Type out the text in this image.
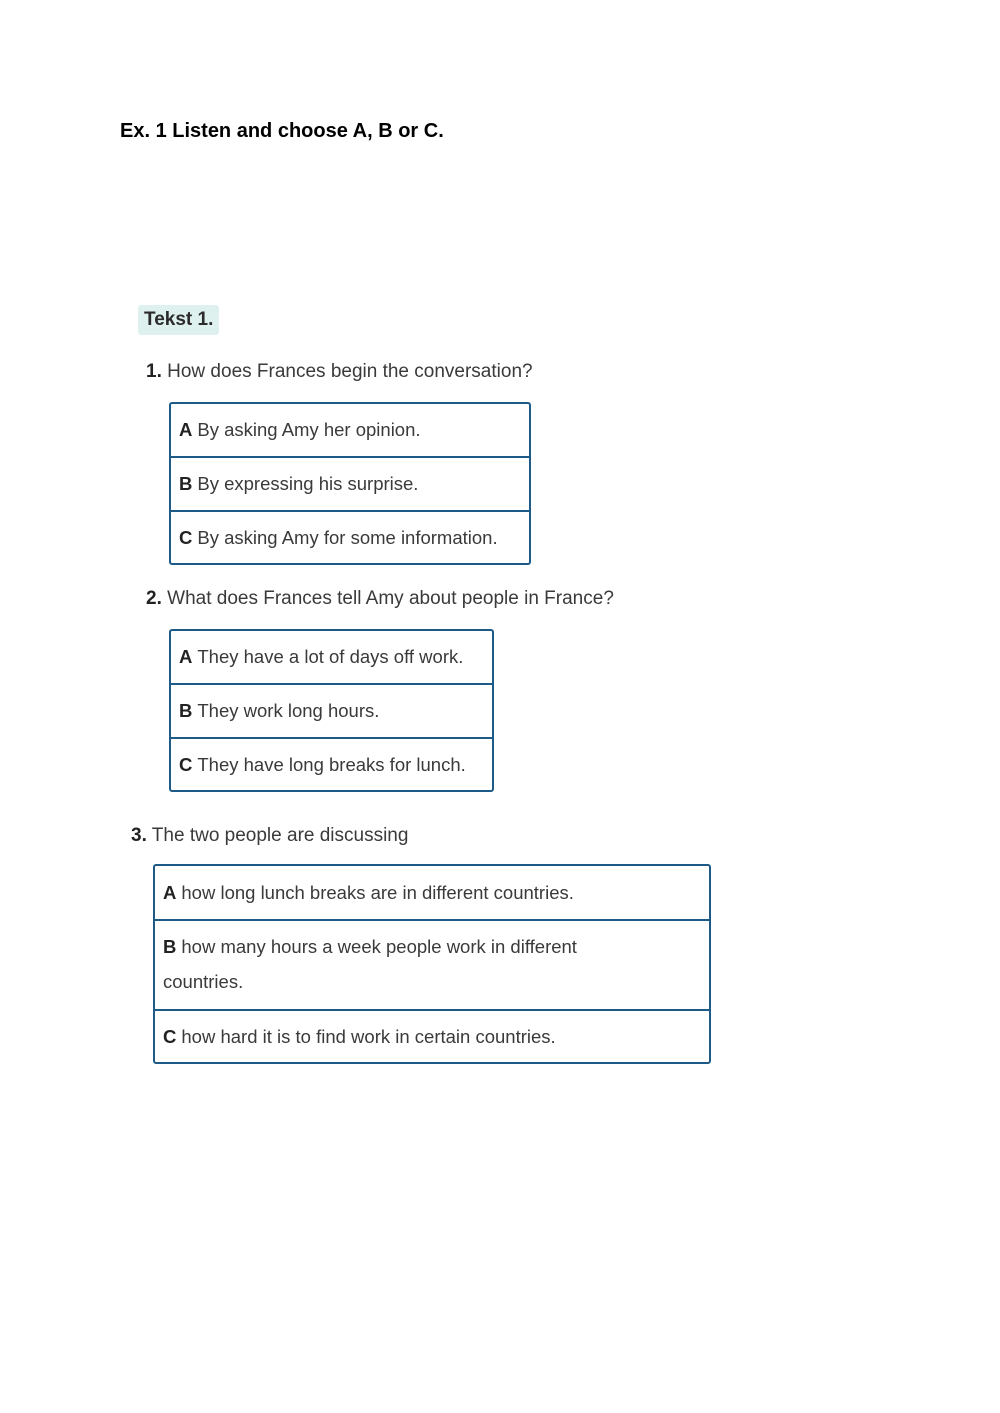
Ex. 1 Listen and choose A, B or C.
Tekst 1.
1. How does Frances begin the conversation?
A By asking Amy her opinion.
B By expressing his surprise.
C By asking Amy for some information.
2. What does Frances tell Amy about people in France?
A They have a lot of days off work.
B They work long hours.
C They have long breaks for lunch.
3. The two people are discussing
A how long lunch breaks are in different countries.
B how many hours a week people work in different countries.
C how hard it is to find work in certain countries.
